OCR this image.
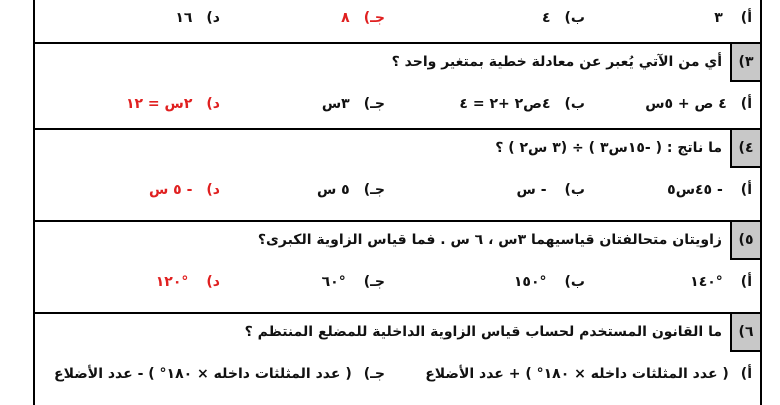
أ)
٣
ب)
٤
جـ)
٨
د)
١٦
٣)
أي من الآتي يُعبر عن معادلة خطية بمتغير واحد ؟
أ)
٤ ص + ٥س
ب)
٤ص٢ +٢ = ٤
جـ)
٣س
د)
٢س = ١٢
٤)
ما ناتج : ( -١٥س٣ ) ÷ (٣ س٢ ) ؟
أ)
- ٤٥س٥
ب)
- س
جـ)
٥ س
د)
- ٥ س
٥)
زاويتان متحالفتان قياسيهما ٣س ، ٦ س . فما قياس الزاوية الكبرى؟
أ)
١٤٠°
ب)
١٥٠°
جـ)
٦٠°
د)
١٢٠°
٦)
ما القانون المستخدم لحساب قياس الزاوية الداخلية للمضلع المنتظم ؟
أ)
( عدد المثلثات داخله × ١٨٠° ) + عدد الأضلاع
جـ)
( عدد المثلثات داخله × ١٨٠° ) - عدد الأضلاع
